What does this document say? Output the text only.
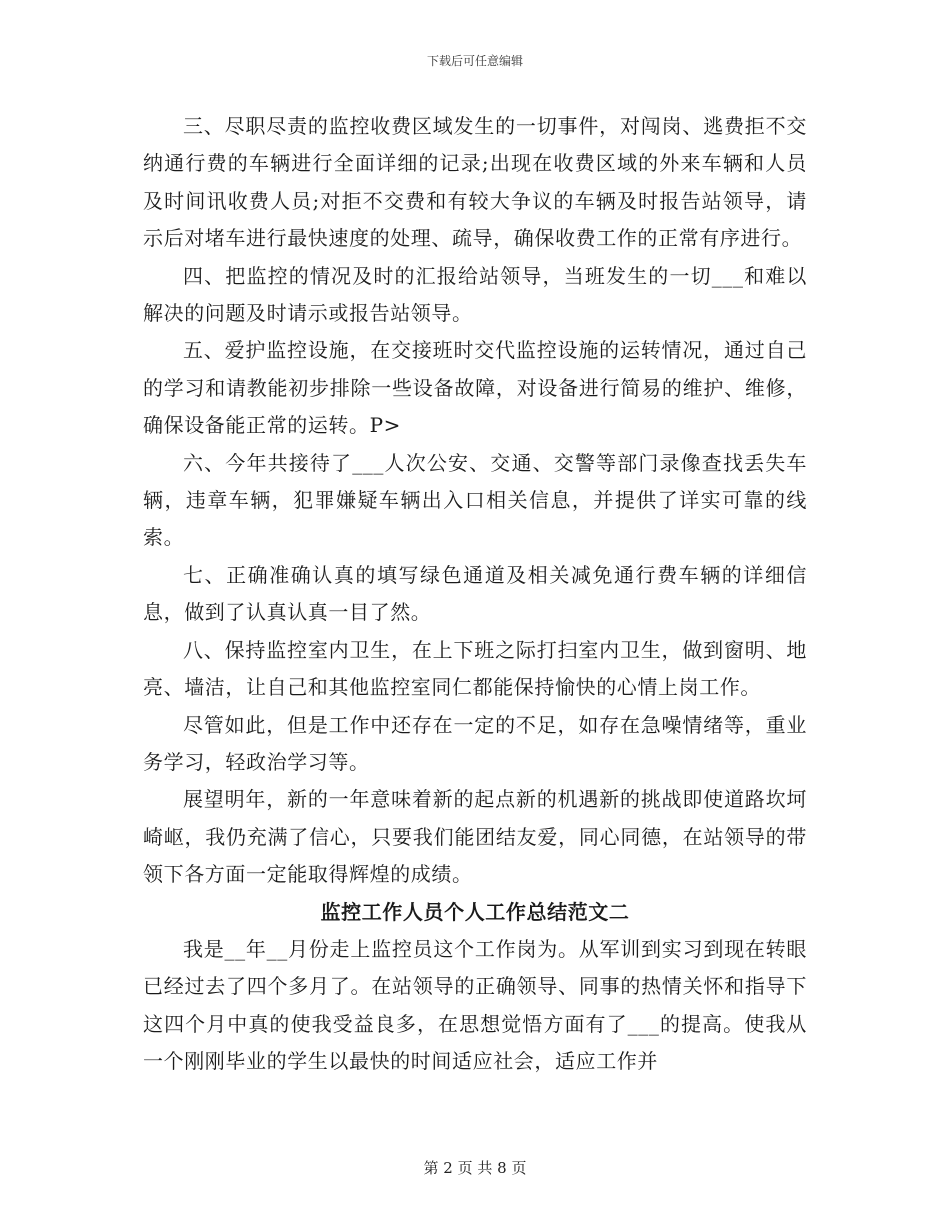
下载后可任意编辑

三、尽职尽责的监控收费区域发生的一切事件，对闯岗、逃费拒不交纳通行费的车辆进行全面详细的记录;出现在收费区域的外来车辆和人员及时间讯收费人员;对拒不交费和有较大争议的车辆及时报告站领导，请示后对堵车进行最快速度的处理、疏导，确保收费工作的正常有序进行。

四、把监控的情况及时的汇报给站领导，当班发生的一切___和难以解决的问题及时请示或报告站领导。

五、爱护监控设施，在交接班时交代监控设施的运转情况，通过自己的学习和请教能初步排除一些设备故障，对设备进行简易的维护、维修，确保设备能正常的运转。P>

六、今年共接待了___人次公安、交通、交警等部门录像查找丢失车辆，违章车辆，犯罪嫌疑车辆出入口相关信息，并提供了详实可靠的线索。

七、正确准确认真的填写绿色通道及相关减免通行费车辆的详细信息，做到了认真认真一目了然。

八、保持监控室内卫生，在上下班之际打扫室内卫生，做到窗明、地亮、墙洁，让自己和其他监控室同仁都能保持愉快的心情上岗工作。

尽管如此，但是工作中还存在一定的不足，如存在急噪情绪等，重业务学习，轻政治学习等。

展望明年，新的一年意味着新的起点新的机遇新的挑战即使道路坎坷崎岖，我仍充满了信心，只要我们能团结友爱，同心同德，在站领导的带领下各方面一定能取得辉煌的成绩。

监控工作人员个人工作总结范文二

我是__年__月份走上监控员这个工作岗为。从军训到实习到现在转眼已经过去了四个多月了。在站领导的正确领导、同事的热情关怀和指导下这四个月中真的使我受益良多，在思想觉悟方面有了___的提高。使我从一个刚刚毕业的学生以最快的时间适应社会，适应工作并

第 2 页 共 8 页
